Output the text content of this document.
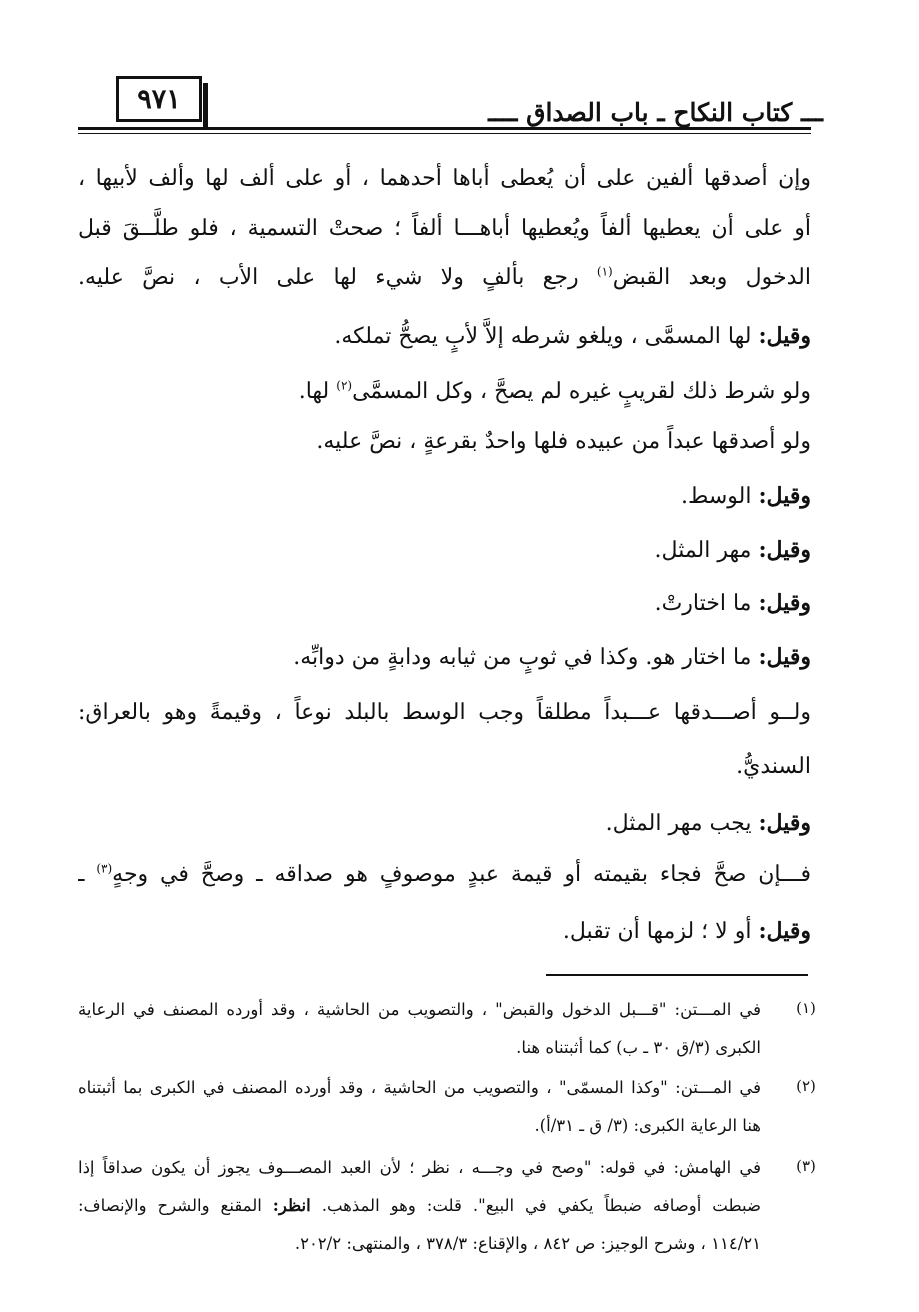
٩٧١	ـــ كتاب النكاح ـ باب الصداق ــــ
وإن أصدقها ألفين على أن يُعطى أباها أحدهما ، أو على ألف لها وألف لأبيها ،
أو على أن يعطيها ألفاً ويُعطيها أباهـــا ألفاً ؛ صحتْ التسمية ، فلو طلَّــقَ قبل
الدخول وبعد القبض$^{(١)}$ رجع بألفٍ ولا شيء لها على الأب ، نصَّ عليه.
وقيل: لها المسمَّى ، ويلغو شرطه إلاَّ لأبٍ يصحُّ تملكه.
ولو شرط ذلك لقريبٍ غيره لم يصحَّ ، وكل المسمَّى$^{(٢)}$ لها.
ولو أصدقها عبداً من عبيده فلها واحدٌ بقرعةٍ ، نصَّ عليه.
وقيل: الوسط.
وقيل: مهر المثل.
وقيل: ما اختارتْ.
وقيل: ما اختار هو. وكذا في ثوبٍ من ثيابه ودابةٍ من دوابِّه.
ولــو أصـــدقها عـــبداً مطلقاً وجب الوسط بالبلد نوعاً ، وقيمةً وهو بالعراق:
السنديُّ.
وقيل: يجب مهر المثل.
فـــإن صحَّ فجاء بقيمته أو قيمة عبدٍ موصوفٍ هو صداقه ـ وصحَّ في وجهٍ$^{(٣)}$ ـ
وقيل: أو لا ؛ لزمها أن تقبل.
(١)
في المـــتن: "قـــبل الدخول والقبض" ، والتصويب من الحاشية ، وقد أورده المصنف في الرعاية
الكبرى (٣/ق ٣٠ ـ ب) كما أثبتناه هنا.
(٢)
في المـــتن: "وكذا المسمّى" ، والتصويب من الحاشية ، وقد أورده المصنف في الكبرى بما أثبتناه
هنا الرعاية الكبرى: (٣/ ق ـ ٣١/أ).
(٣)
في الهامش: في قوله: "وصح في وجـــه ، نظر ؛ لأن العبد المصـــوف يجوز أن يكون صداقاً إذا
ضبطت أوصافه ضبطاً يكفي في البيع". قلت: وهو المذهب. انظر: المقنع والشرح والإنصاف:
١١٤/٢١ ، وشرح الوجيز: ص ٨٤٢ ، والإقناع: ٣٧٨/٣ ، والمنتهى: ٢٠٢/٢.
